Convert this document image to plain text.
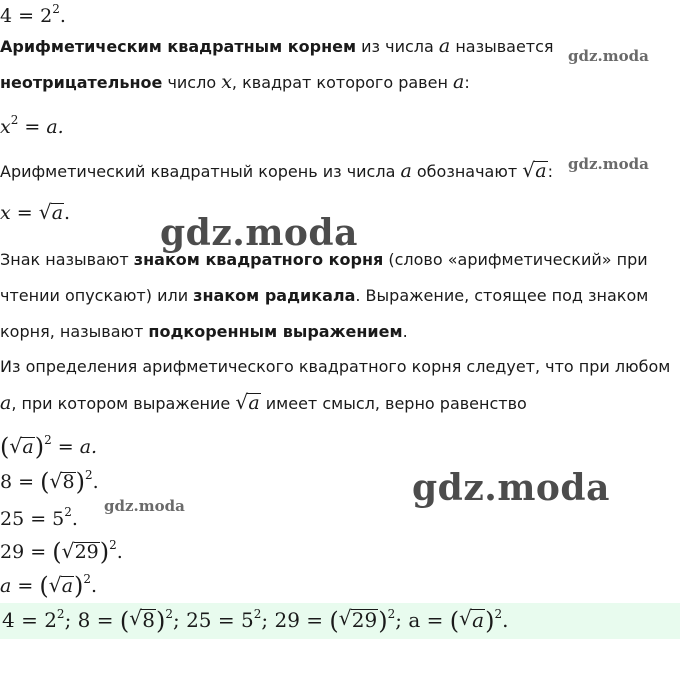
$4 = 2^2$.
Арифметическим квадратным корнем из числа a называется
неотрицательное число x, квадрат которого равен a:
$x^2 = a$.
Арифметический квадратный корень из числа a обозначают √ a:
x = √ a.
Знак называют знаком квадратного корня (слово «арифметический» при
чтении опускают) или знаком радикала. Выражение, стоящее под знаком
корня, называют подкоренным выражением.
Из определения арифметического квадратного корня следует, что при любом
a, при котором выражение √ a имеет смысл, верно равенство
( √ a)$^2$ = a.
8 = ( √ 8)$^2$.
$25 = 5^2$.
29 = ( √ 29)$^2$.
a = ( √ a)$^2$.
$4 = 2^2$; 8 = ( √ 8)$^2$; $25 = 5^2$; 29 = ( √ 29)$^2$; a = ( √ a)$^2$.
gdz.moda
gdz.moda
gdz.moda
gdz.moda
gdz.moda
